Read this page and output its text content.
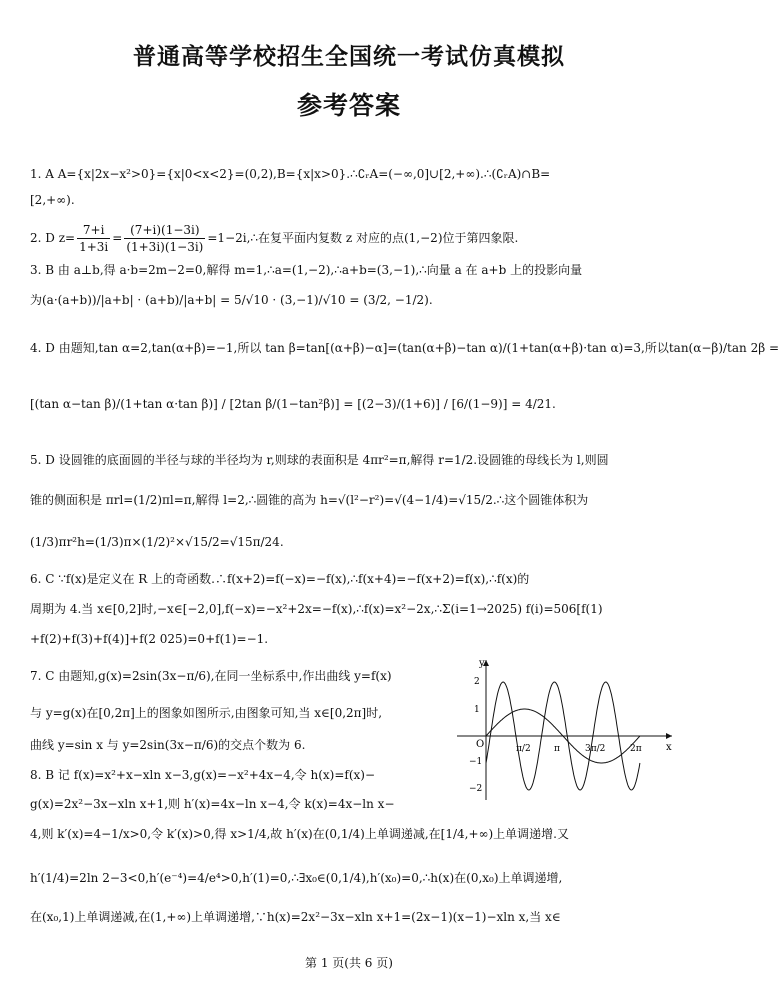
普通高等学校招生全国统一考试仿真模拟
参考答案
1. A A={x|2x−x²>0}={x|0<x<2}=(0,2),B={x|x>0}.∴∁ᵣA=(−∞,0]∪[2,+∞).∴(∁ᵣA)∩B=
[2,+∞).
2. D $z= \frac{7+i}{1+3i} = \frac{(7+i)(1-3i)}{(1+3i)(1-3i)}$ =1−2i,∴在复平面内复数 z 对应的点(1,−2)位于第四象限.
3. B 由 a⊥b,得 a·b=2m−2=0,解得 m=1,∴a=(1,−2),∴a+b=(3,−1),∴向量 a 在 a+b 上的投影向量
为(a·(a+b))/|a+b| · (a+b)/|a+b| = 5/√10 · (3,−1)/√10 = (3/2, −1/2).
4. D 由题知,tan α=2,tan(α+β)=−1,所以 tan β=tan[(α+β)−α]=(tan(α+β)−tan α)/(1+tan(α+β)·tan α)=3,所以tan(α−β)/tan 2β =
[(tan α−tan β)/(1+tan α·tan β)] / [2tan β/(1−tan²β)] = [(2−3)/(1+6)] / [6/(1−9)] = 4/21.
5. D 设圆锥的底面圆的半径与球的半径均为 r,则球的表面积是 4πr²=π,解得 r=1/2.设圆锥的母线长为 l,则圆
锥的侧面积是 πrl=(1/2)πl=π,解得 l=2,∴圆锥的高为 h=√(l²−r²)=√(4−1/4)=√15/2.∴这个圆锥体积为
(1/3)πr²h=(1/3)π×(1/2)²×√15/2=√15π/24.
6. C ∵f(x)是定义在 R 上的奇函数.∴f(x+2)=f(−x)=−f(x),∴f(x+4)=−f(x+2)=f(x),∴f(x)的
周期为 4.当 x∈[0,2]时,−x∈[−2,0],f(−x)=−x²+2x=−f(x),∴f(x)=x²−2x,∴Σ(i=1→2025) f(i)=506[f(1)
+f(2)+f(3)+f(4)]+f(2 025)=0+f(1)=−1.
7. C 由题知,g(x)=2sin(3x−π/6),在同一坐标系中,作出曲线 y=f(x)
与 y=g(x)在[0,2π]上的图象如图所示,由图象可知,当 x∈[0,2π]时,
曲线 y=sin x 与 y=2sin(3x−π/6)的交点个数为 6.
8. B 记 f(x)=x²+x−xln x−3,g(x)=−x²+4x−4,令 h(x)=f(x)−
g(x)=2x²−3x−xln x+1,则 h′(x)=4x−ln x−4,令 k(x)=4x−ln x−
4,则 k′(x)=4−1/x>0,令 k′(x)>0,得 x>1/4,故 h′(x)在(0,1/4)上单调递减,在[1/4,+∞)上单调递增.又
h′(1/4)=2ln 2−3<0,h′(e⁻⁴)=4/e⁴>0,h′(1)=0,∴∃x₀∈(0,1/4),h′(x₀)=0,∴h(x)在(0,x₀)上单调递增,
在(x₀,1)上单调递减,在(1,+∞)上单调递增,∵h(x)=2x²−3x−xln x+1=(2x−1)(x−1)−xln x,当 x∈
y
x
O
2
1
−1
−2
π/2	π	3π/2	2π
第 1 页(共 6 页)
